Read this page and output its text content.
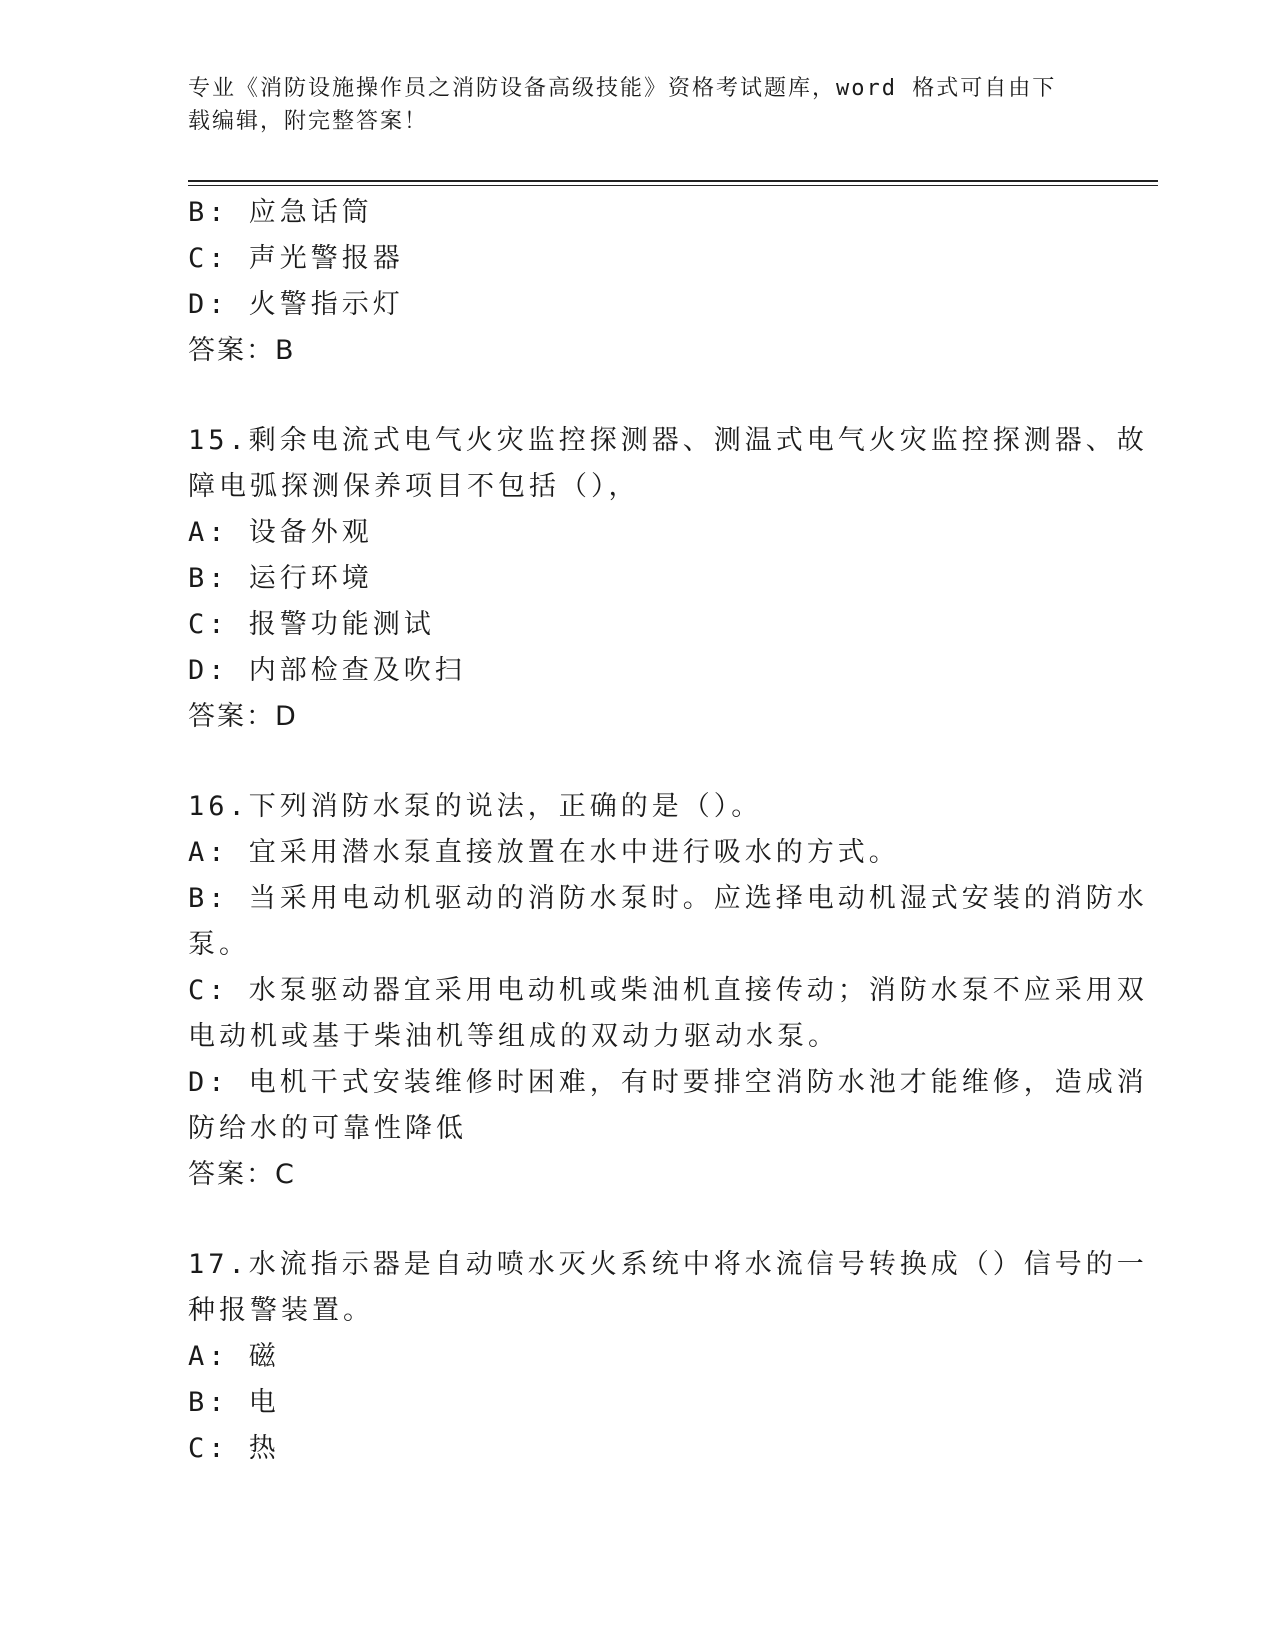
专业《消防设施操作员之消防设备高级技能》资格考试题库，word 格式可自由下
载编辑，附完整答案！
B: 应急话筒
C: 声光警报器
D: 火警指示灯
答案：B
15.剩余电流式电气火灾监控探测器、测温式电气火灾监控探测器、故
障电弧探测保养项目不包括（），
A: 设备外观
B: 运行环境
C: 报警功能测试
D: 内部检查及吹扫
答案：D
16.下列消防水泵的说法，正确的是（）。
A: 宜采用潜水泵直接放置在水中进行吸水的方式。
B: 当采用电动机驱动的消防水泵时。应选择电动机湿式安装的消防水
泵。
C: 水泵驱动器宜采用电动机或柴油机直接传动；消防水泵不应采用双
电动机或基于柴油机等组成的双动力驱动水泵。
D: 电机干式安装维修时困难，有时要排空消防水池才能维修，造成消
防给水的可靠性降低
答案：C
17.水流指示器是自动喷水灭火系统中将水流信号转换成（）信号的一
种报警装置。
A: 磁
B: 电
C: 热
